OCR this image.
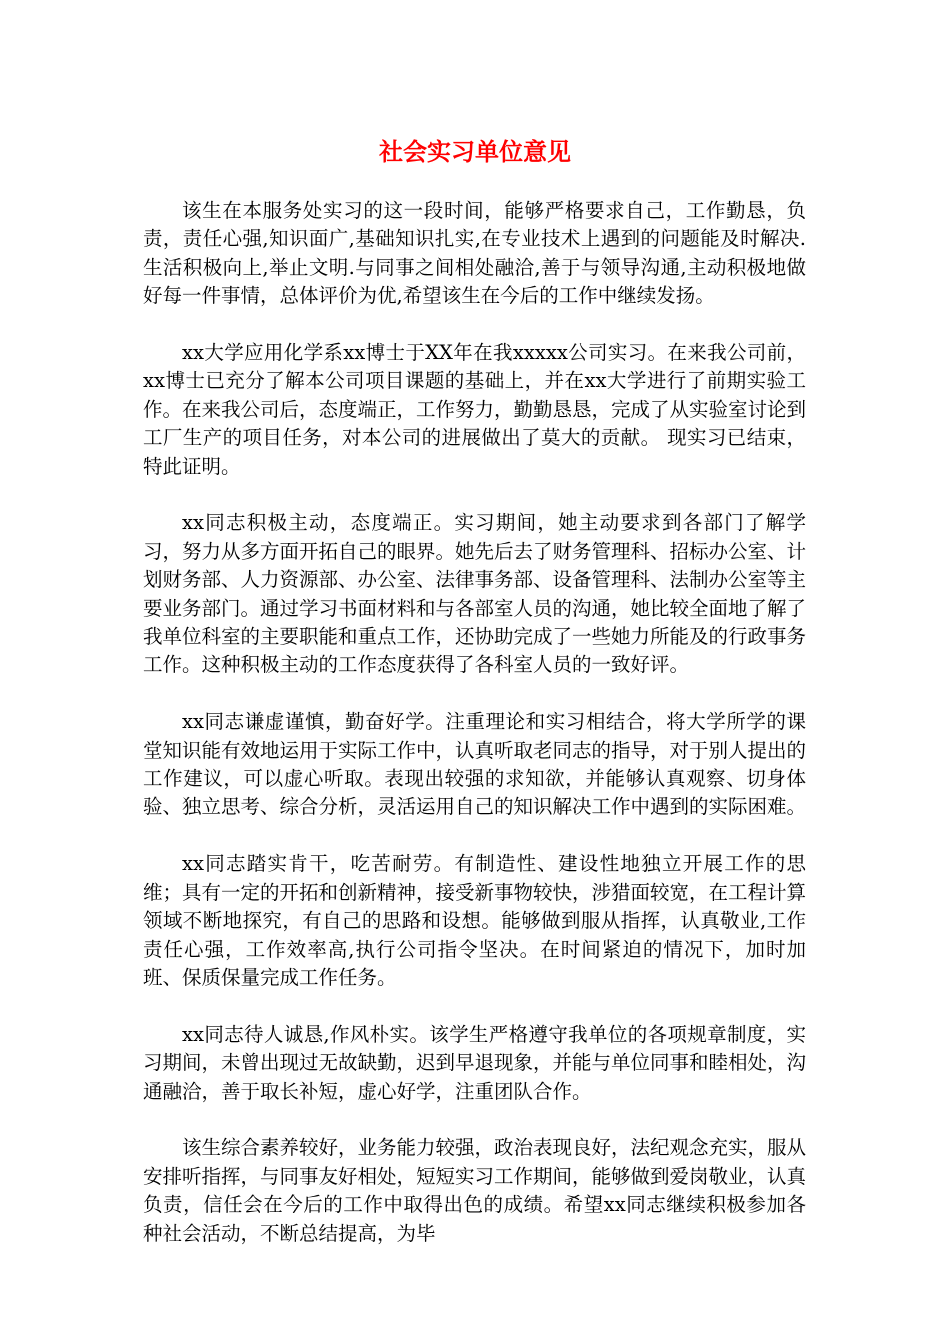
社会实习单位意见

该生在本服务处实习的这一段时间，能够严格要求自己，工作勤恳，负责，责任心强,知识面广,基础知识扎实,在专业技术上遇到的问题能及时解决.生活积极向上,举止文明.与同事之间相处融洽,善于与领导沟通,主动积极地做好每一件事情，总体评价为优,希望该生在今后的工作中继续发扬。

xx大学应用化学系xx博士于XX年在我xxxxx公司实习。在来我公司前，xx博士已充分了解本公司项目课题的基础上，并在xx大学进行了前期实验工作。在来我公司后，态度端正，工作努力，勤勤恳恳，完成了从实验室讨论到工厂生产的项目任务，对本公司的进展做出了莫大的贡献。 现实习已结束，特此证明。

xx同志积极主动，态度端正。实习期间，她主动要求到各部门了解学习，努力从多方面开拓自己的眼界。她先后去了财务管理科、招标办公室、计划财务部、人力资源部、办公室、法律事务部、设备管理科、法制办公室等主要业务部门。通过学习书面材料和与各部室人员的沟通，她比较全面地了解了我单位科室的主要职能和重点工作，还协助完成了一些她力所能及的行政事务工作。这种积极主动的工作态度获得了各科室人员的一致好评。

xx同志谦虚谨慎，勤奋好学。注重理论和实习相结合，将大学所学的课堂知识能有效地运用于实际工作中，认真听取老同志的指导，对于别人提出的工作建议，可以虚心听取。表现出较强的求知欲，并能够认真观察、切身体验、独立思考、综合分析，灵活运用自己的知识解决工作中遇到的实际困难。

xx同志踏实肯干，吃苦耐劳。有制造性、建设性地独立开展工作的思维；具有一定的开拓和创新精神，接受新事物较快，涉猎面较宽，在工程计算领域不断地探究，有自己的思路和设想。能够做到服从指挥，认真敬业,工作责任心强，工作效率高,执行公司指令坚决。在时间紧迫的情况下，加时加班、保质保量完成工作任务。

xx同志待人诚恳,作风朴实。该学生严格遵守我单位的各项规章制度，实习期间，未曾出现过无故缺勤，迟到早退现象，并能与单位同事和睦相处，沟通融洽，善于取长补短，虚心好学，注重团队合作。

该生综合素养较好，业务能力较强，政治表现良好，法纪观念充实，服从安排听指挥，与同事友好相处，短短实习工作期间，能够做到爱岗敬业，认真负责，信任会在今后的工作中取得出色的成绩。希望xx同志继续积极参加各种社会活动，不断总结提高，为毕
